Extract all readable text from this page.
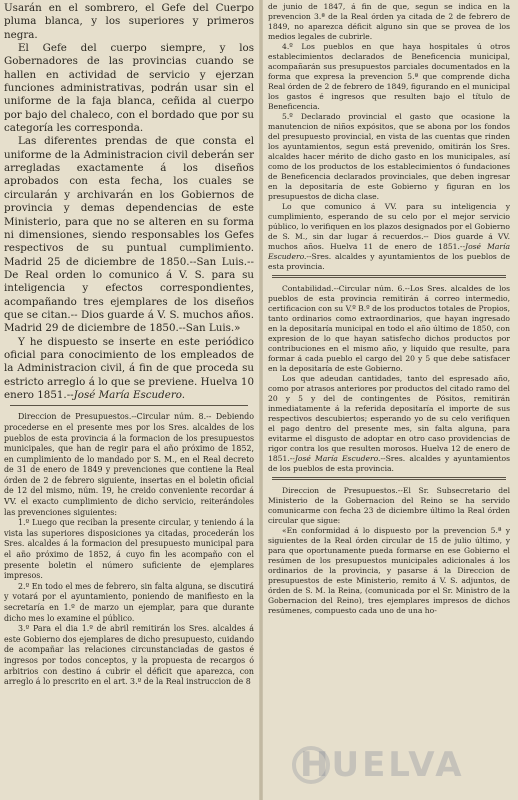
Usarán en el sombrero, el Gefe del Cuerpo pluma blanca, y los superiores y primeros negra.

El Gefe del cuerpo siempre, y los Gobernadores de las provincias cuando se hallen en actividad de servicio y ejerzan funciones administrativas, podrán usar sin el uniforme de la faja blanca, ceñida al cuerpo por bajo del chaleco, con el bordado que por su categoría les corresponda.

Las diferentes prendas de que consta el uniforme de la Administracion civil deberán ser arregladas exactamente á los diseños aprobados con esta fecha, los cuales se circularán y archivarán en los Gobiernos de provincia y demas dependencias de este Ministerio, para que no se alteren en su forma ni dimensiones, siendo responsables los Gefes respectivos de su puntual cumplimiento. Madrid 25 de diciembre de 1850.--San Luis.-- De Real orden lo comunico á V. S. para su inteligencia y efectos correspondientes, acompañando tres ejemplares de los diseños que se citan.-- Dios guarde á V. S. muchos años. Madrid 29 de diciembre de 1850.--San Luis.»

Y he dispuesto se inserte en este periódico oficial para conocimiento de los empleados de la Administracion civil, á fin de que proceda su estricto arreglo á lo que se previene. Huelva 10 enero 1851.--José María Escudero.

Direccion de Presupuestos.--Circular núm. 8.-- Debiendo procederse en el presente mes por los Sres. alcaldes de los pueblos de esta provincia á la formacion de los presupuestos municipales, que han de regir para el año próximo de 1852, en cumplimiento de lo mandado por S. M., en el Real decreto de 31 de enero de 1849 y prevenciones que contiene la Real órden de 2 de febrero siguiente, insertas en el boletin oficial de 12 del mismo, núm. 19, he creido conveniente recordar á VV. el exacto cumplimiento de dicho servicio, reiterándoles las prevenciones siguientes:

1.º Luego que reciban la presente circular, y teniendo á la vista las superiores disposiciones ya citadas, procederán los Sres. alcaldes á la formacion del presupuesto municipal para el año próximo de 1852, á cuyo fin les acompaño con el presente boletin el número suficiente de ejemplares impresos.

2.º En todo el mes de febrero, sin falta alguna, se discutirá y votará por el ayuntamiento, poniendo de manifiesto en la secretaría en 1.º de marzo un ejemplar, para que durante dicho mes lo examine el público.

3.º Para el dia 1.º de abril remitirán los Sres. alcaldes á este Gobierno dos ejemplares de dicho presupuesto, cuidando de acompañar las relaciones circunstanciadas de gastos é ingresos por todos conceptos, y la propuesta de recargos ó arbitrios con destino á cubrir el déficit que aparezca, con arreglo á lo prescrito en el art. 3.º de la Real instruccion de 8

de junio de 1847, á fin de que, segun se indica en la prevencion 3.ª de la Real órden ya citada de 2 de febrero de 1849, no aparezca déficit alguno sin que se provea de los medios legales de cubrirle.

4.º Los pueblos en que haya hospitales ú otros establecimientos declarados de Beneficencia municipal, acompañarán sus presupuestos parciales documentados en la forma que expresa la prevencion 5.ª que comprende dicha Real órden de 2 de febrero de 1849, figurando en el municipal los gastos é ingresos que resulten bajo el título de Beneficencia.

5.º Declarado provincial el gasto que ocasione la manutencion de niños expósitos, que se abona por los fondos del presupuesto provincial, en vista de las cuentas que rinden los ayuntamientos, segun está prevenido, omitirán los Sres. alcaldes hacer mérito de dicho gasto en los municipales, así como de los productos de los establecimientos ó fundaciones de Beneficencia declarados provinciales, que deben ingresar en la depositaría de este Gobierno y figuran en los presupuestos de dicha clase.

Lo que comunico á VV. para su inteligencia y cumplimiento, esperando de su celo por el mejor servicio público, lo verifiquen en los plazos designados por el Gobierno de S. M., sin dar lugar á recuerdos.-- Dios guarde á VV. muchos años. Huelva 11 de enero de 1851.--José María Escudero.--Sres. alcaldes y ayuntamientos de los pueblos de esta provincia.

Contabilidad.--Circular núm. 6.--Los Sres. alcaldes de los pueblos de esta provincia remitirán á correo intermedio, certificacion con su V.º B.º de los productos totales de Propios, tanto ordinarios como extraordinarios, que hayan ingresado en la depositaría municipal en todo el año último de 1850, con expresion de lo que hayan satisfecho dichos productos por contribuciones en el mismo año, y liquido que resulte, para formar á cada pueblo el cargo del 20 y 5 que debe satisfacer en la depositaría de este Gobierno.

Los que adeudan cantidades, tanto del espresado año, como por atrasos anteriores por productos del citado ramo del 20 y 5 y del de contingentes de Pósitos, remitirán inmediatamente á la referida depositaría el importe de sus respectivos descubiertos; esperando yo de su celo verifiquen el pago dentro del presente mes, sin falta alguna, para evitarme el disgusto de adoptar en otro caso providencias de rigor contra los que resulten morosos. Huelva 12 de enero de 1851.--José María Escudero.--Sres. alcaldes y ayuntamientos de los pueblos de esta provincia.

Direccion de Presupuestos.--El Sr. Subsecretario del Ministerio de la Gobernacion del Reino se ha servido comunicarme con fecha 23 de diciembre último la Real órden circular que sigue:

«En conformidad á lo dispuesto por la prevencion 5.ª y siguientes de la Real órden circular de 15 de julio último, y para que oportunamente pueda formarse en ese Gobierno el resúmen de los presupuestos municipales adicionales á los ordinarios de la provincia, y pasarse á la Direccion de presupuestos de este Ministerio, remito á V. S. adjuntos, de órden de S. M. la Reina, (comunicada por el Sr. Ministro de la Gobernacion del Reino), tres ejemplares impresos de dichos resúmenes, compuesto cada uno de una ho-

HUELVA
